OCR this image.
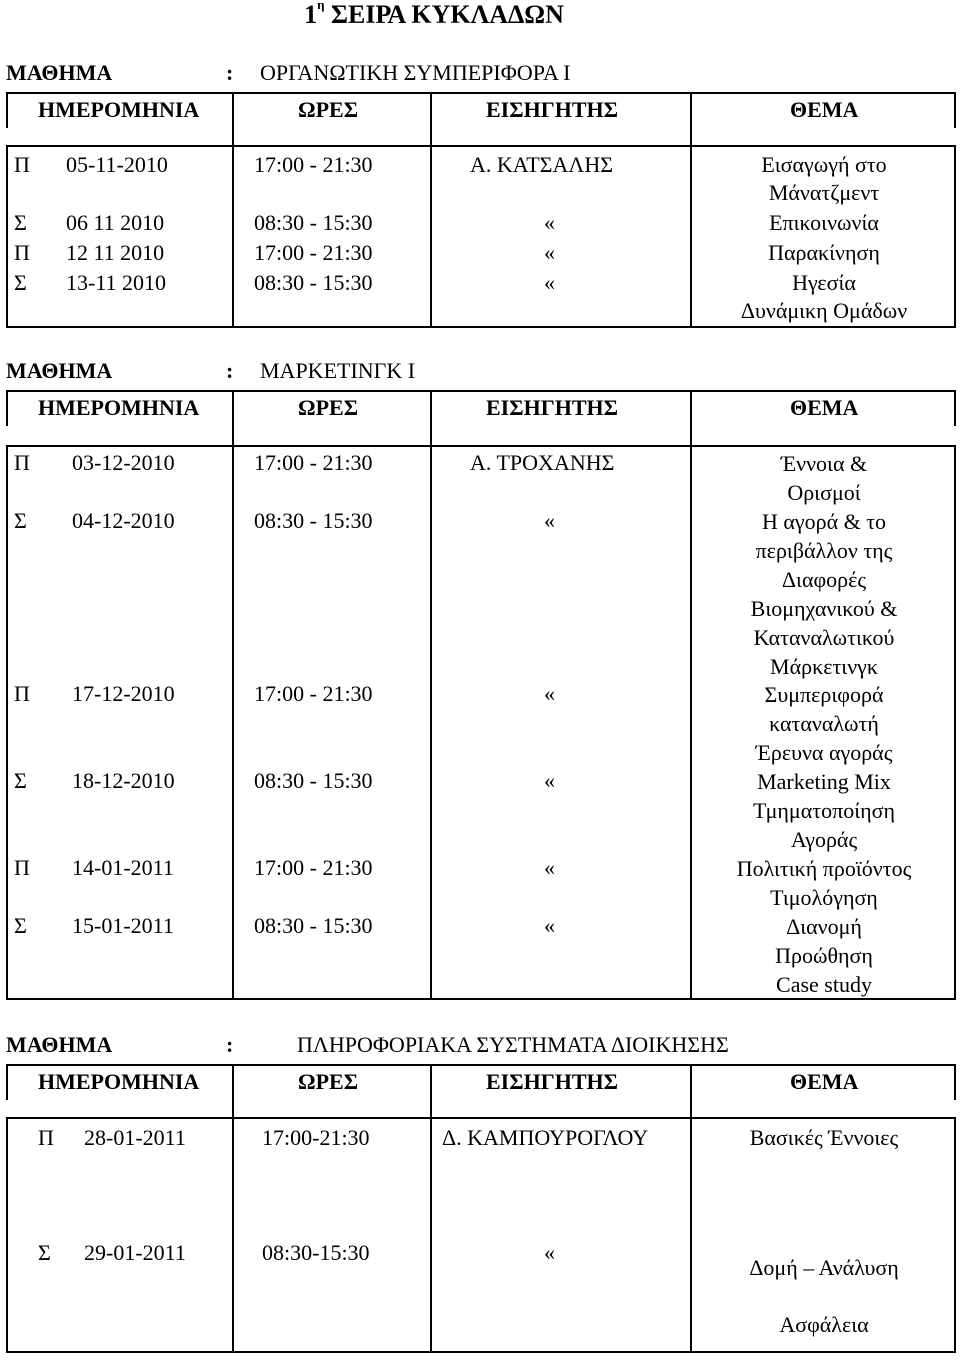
$1^\eta$ ΣΕΙΡΑ ΚΥΚΛΑΔΩΝ
ΜΑΘΗΜΑ	: ΟΡΓΑΝΩΤΙΚΗ ΣΥΜΠΕΡΙΦΟΡΑ Ι
ΗΜΕΡΟΜΗΝΙΑ	ΩΡΕΣ	ΕΙΣΗΓΗΤΗΣ	ΘΕΜΑ
Π 05-11-2010	17:00 - 21:30	Α. ΚΑΤΣΑΛΗΣ	Εισαγωγή στο
Μάνατζμεντ
Σ 06 11 2010	08:30 - 15:30	«	Επικοινωνία
Π 12 11 2010	17:00 - 21:30	«	Παρακίνηση
Σ 13-11 2010	08:30 - 15:30	«	Ηγεσία
Δυνάμικη Ομάδων
ΜΑΘΗΜΑ	: ΜΑΡΚΕΤΙΝΓΚ Ι
ΗΜΕΡΟΜΗΝΙΑ	ΩΡΕΣ	ΕΙΣΗΓΗΤΗΣ	ΘΕΜΑ
Π 03-12-2010	17:00 - 21:30	Α. ΤΡΟΧΑΝΗΣ	Έννοια &
Ορισμοί
Σ 04-12-2010	08:30 - 15:30	«	Η αγορά & το
περιβάλλον της
Διαφορές
Βιομηχανικού &
Καταναλωτικού
Μάρκετινγκ
Π 17-12-2010	17:00 - 21:30	«	Συμπεριφορά
καταναλωτή
Έρευνα αγοράς
Σ 18-12-2010	08:30 - 15:30	«	Marketing Mix
Τμηματοποίηση
Αγοράς
Π 14-01-2011	17:00 - 21:30	«	Πολιτική προϊόντος
Τιμολόγηση
Σ 15-01-2011	08:30 - 15:30	«	Διανομή
Προώθηση
Case study
ΜΑΘΗΜΑ	:	ΠΛΗΡΟΦΟΡΙΑΚΑ ΣΥΣΤΗΜΑΤΑ ΔΙΟΙΚΗΣΗΣ
ΗΜΕΡΟΜΗΝΙΑ	ΩΡΕΣ	ΕΙΣΗΓΗΤΗΣ	ΘΕΜΑ
Π 28-01-2011	17:00-21:30	Δ. ΚΑΜΠΟΥΡΟΓΛΟΥ	Βασικές Έννοιες
Σ 29-01-2011	08:30-15:30	«
Δομή – Ανάλυση
Ασφάλεια
